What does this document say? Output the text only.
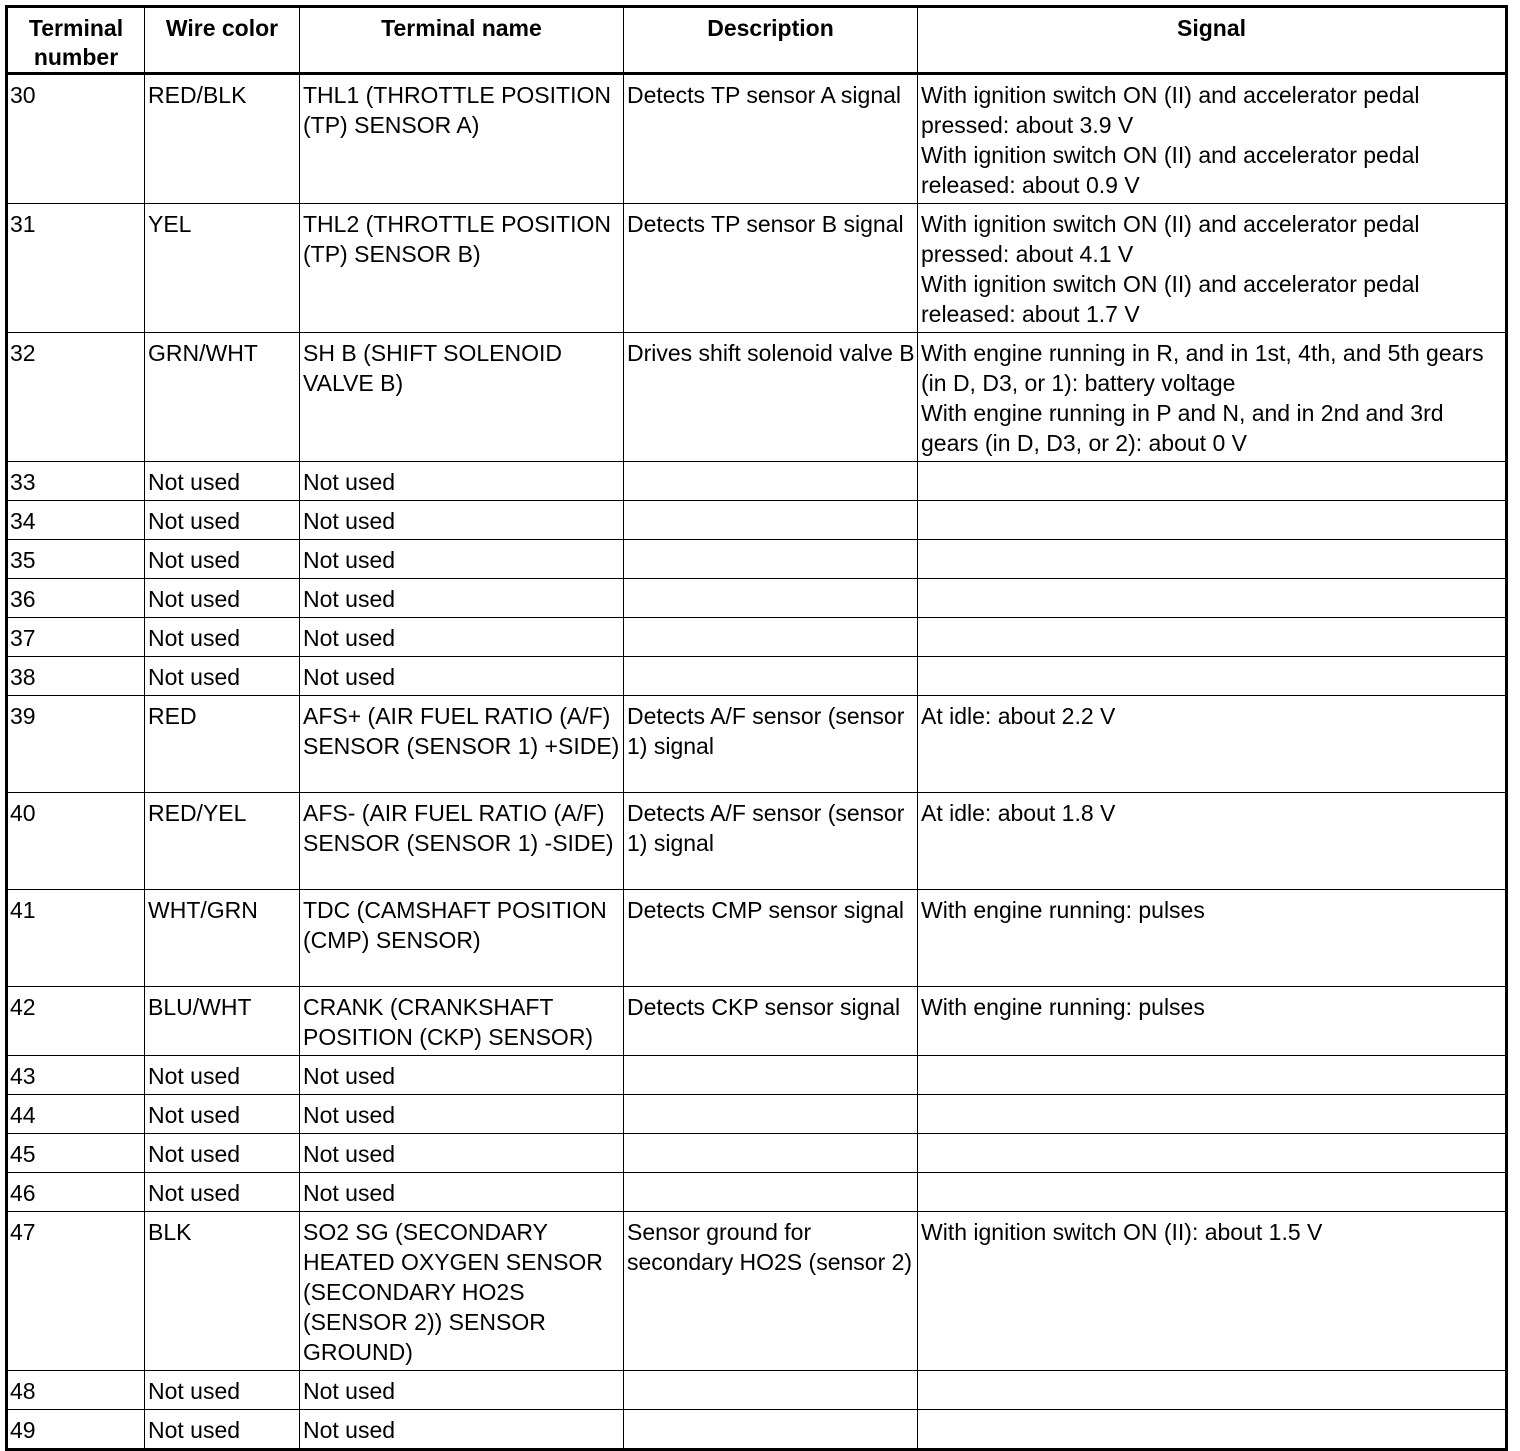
Terminal number	Wire color	Terminal name	Description	Signal
30	RED/BLK	THL1 (THROTTLE POSITION (TP) SENSOR A)	Detects TP sensor A signal	With ignition switch ON (II) and accelerator pedal pressed: about 3.9 V
With ignition switch ON (II) and accelerator pedal released: about 0.9 V

31	YEL	THL2 (THROTTLE POSITION (TP) SENSOR B)	Detects TP sensor B signal	With ignition switch ON (II) and accelerator pedal pressed: about 4.1 V
With ignition switch ON (II) and accelerator pedal released: about 1.7 V

32	GRN/WHT	SH B (SHIFT SOLENOID VALVE B)	Drives shift solenoid valve B	With engine running in R, and in 1st, 4th, and 5th gears (in D, D3, or 1): battery voltage
With engine running in P and N, and in 2nd and 3rd gears (in D, D3, or 2): about 0 V

33	Not used	Not used		
34	Not used	Not used		
35	Not used	Not used		
36	Not used	Not used		
37	Not used	Not used		
38	Not used	Not used		
39	RED	AFS+ (AIR FUEL RATIO (A/F) SENSOR (SENSOR 1) +SIDE)	Detects A/F sensor (sensor 1) signal	At idle: about 2.2 V

40	RED/YEL	AFS- (AIR FUEL RATIO (A/F) SENSOR (SENSOR 1) -SIDE)	Detects A/F sensor (sensor 1) signal	At idle: about 1.8 V

41	WHT/GRN	TDC (CAMSHAFT POSITION (CMP) SENSOR)	Detects CMP sensor signal	With engine running: pulses

42	BLU/WHT	CRANK (CRANKSHAFT POSITION (CKP) SENSOR)	Detects CKP sensor signal	With engine running: pulses

43	Not used	Not used		
44	Not used	Not used		
45	Not used	Not used		
46	Not used	Not used		
47	BLK	SO2 SG (SECONDARY HEATED OXYGEN SENSOR (SECONDARY HO2S (SENSOR 2)) SENSOR GROUND)	Sensor ground for secondary HO2S (sensor 2)	With ignition switch ON (II): about 1.5 V

48	Not used	Not used		
49	Not used	Not used		
